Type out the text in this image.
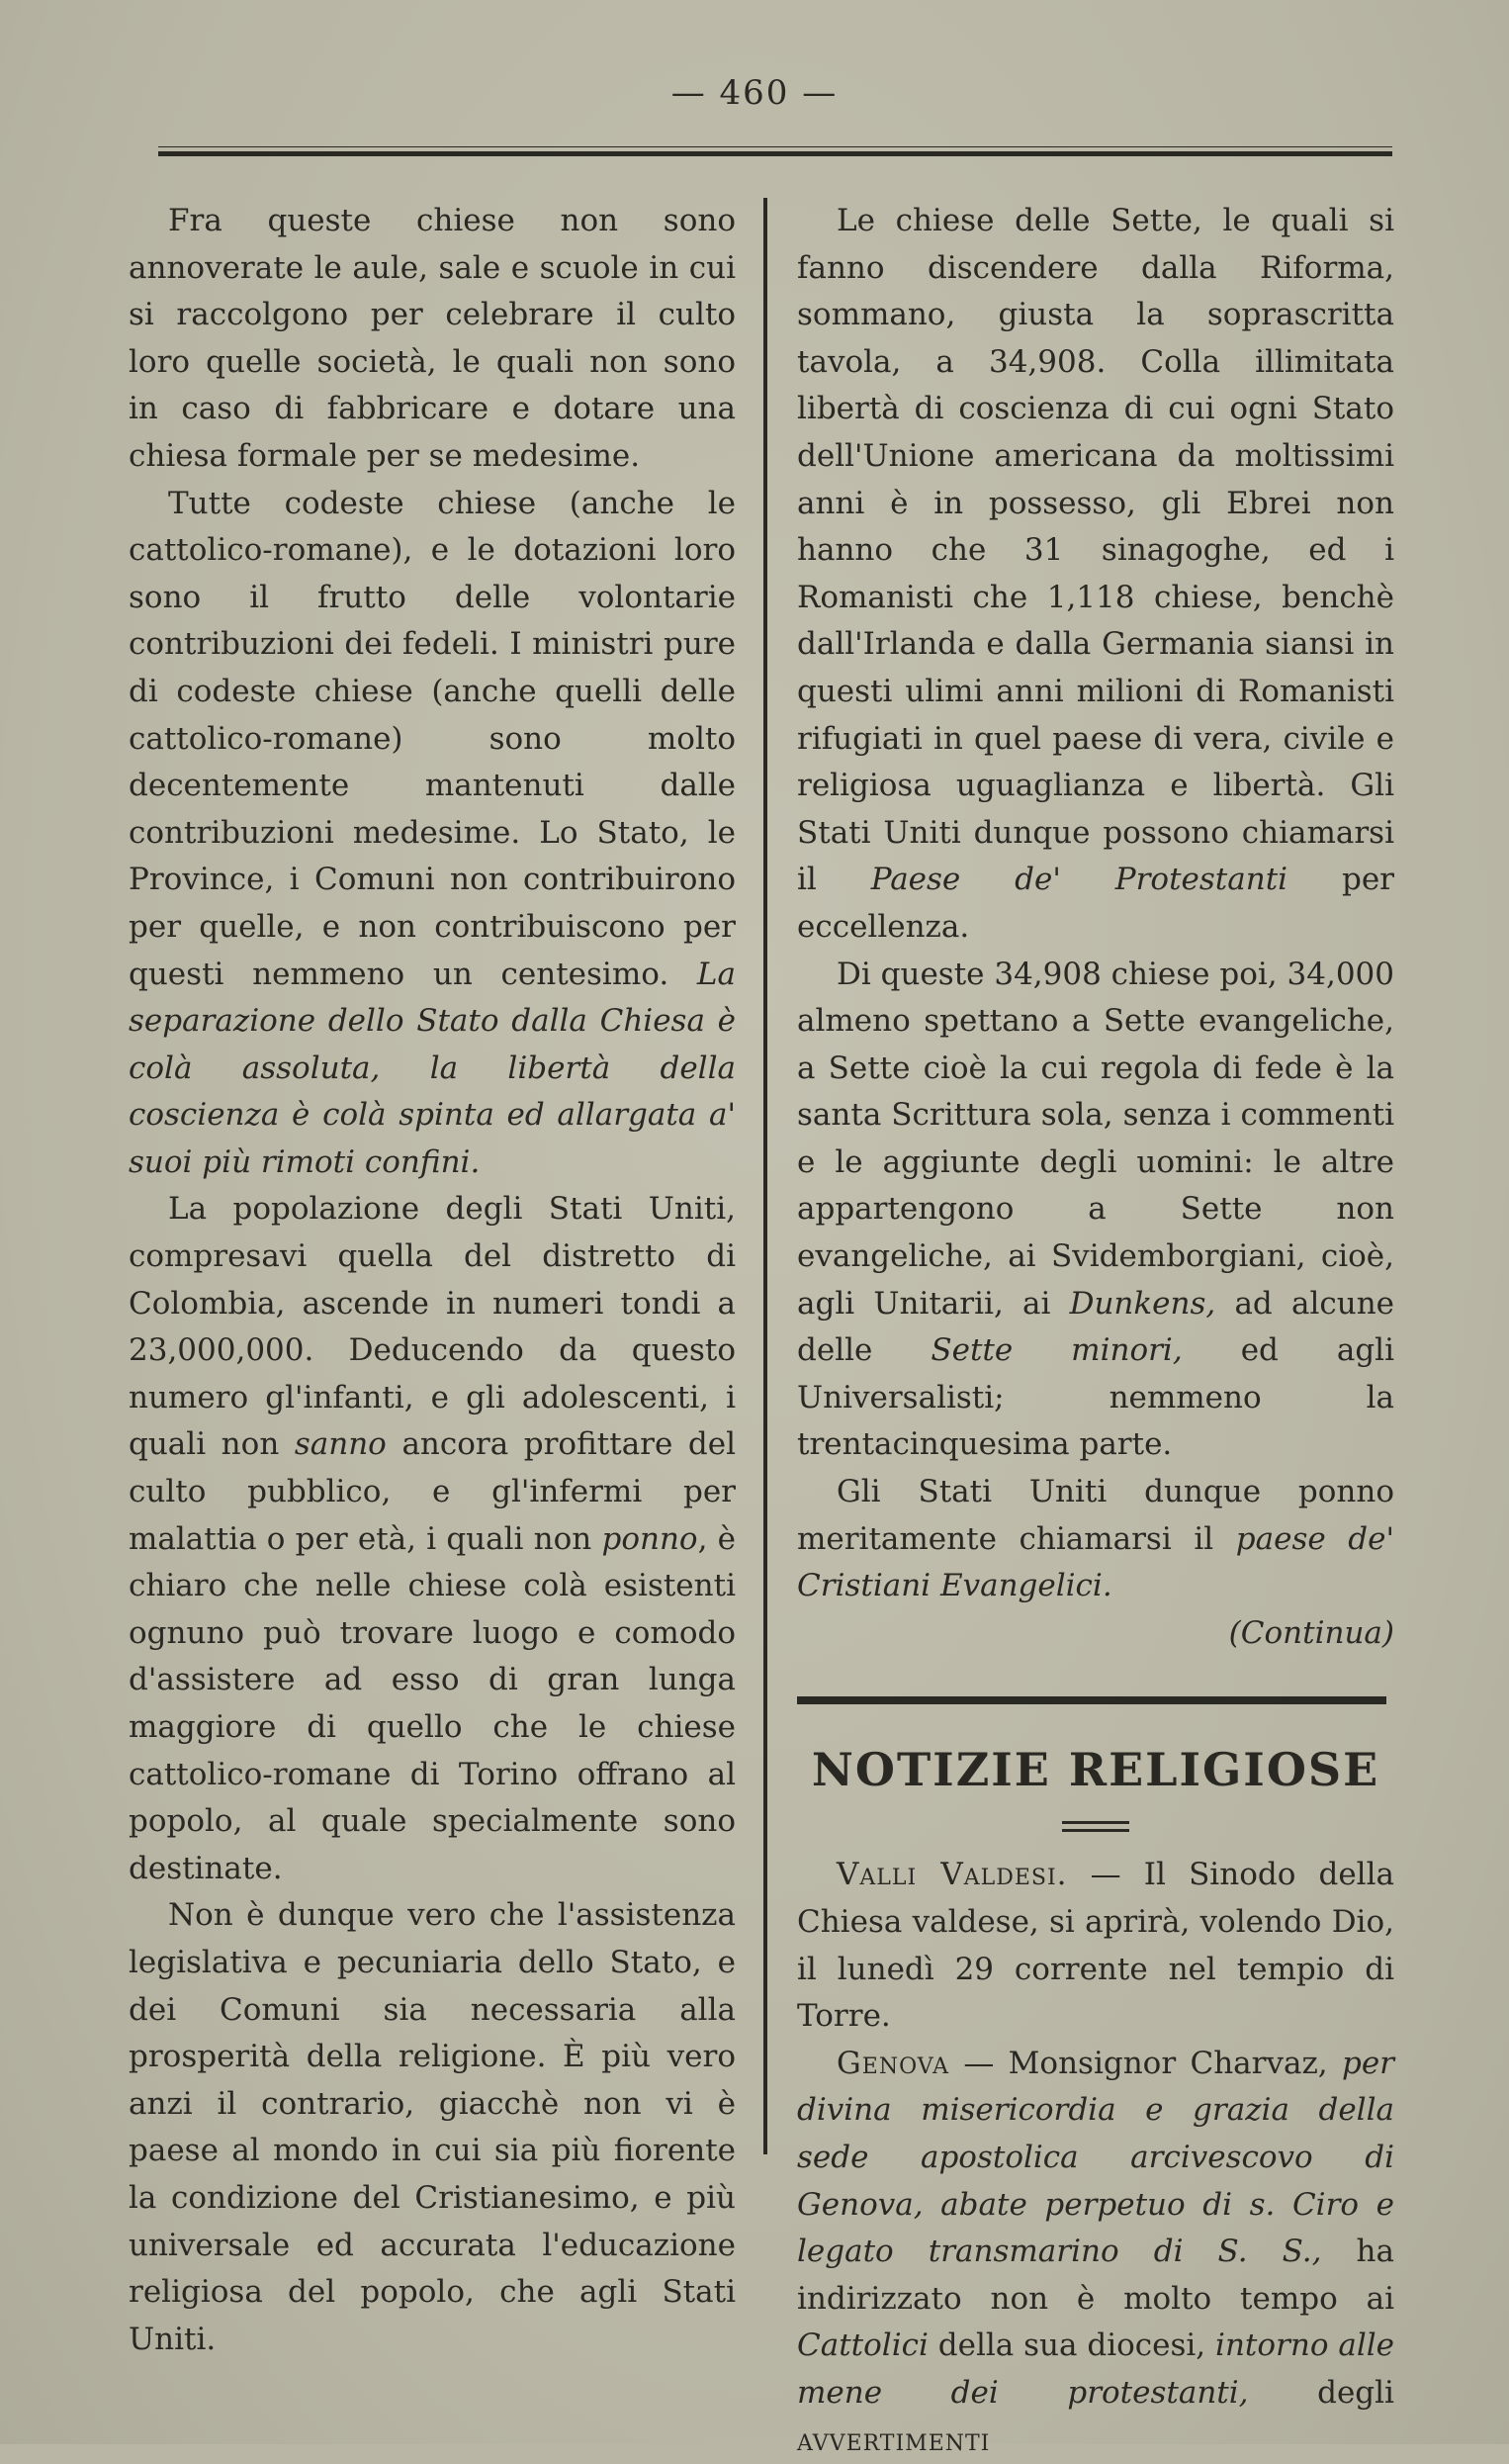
— 460 —

Fra queste chiese non sono annoverate le aule, sale e scuole in cui si raccolgono per celebrare il culto loro quelle società, le quali non sono in caso di fabbricare e dotare una chiesa formale per se medesime.

Tutte codeste chiese (anche le cattolico-romane), e le dotazioni loro sono il frutto delle volontarie contribuzioni dei fedeli. I ministri pure di codeste chiese (anche quelli delle cattolico-romane) sono molto decentemente mantenuti dalle contribuzioni medesime. Lo Stato, le Province, i Comuni non contribuirono per quelle, e non contribuiscono per questi nemmeno un centesimo. La separazione dello Stato dalla Chiesa è colà assoluta, la libertà della coscienza è colà spinta ed allargata a' suoi più rimoti confini.

La popolazione degli Stati Uniti, compresavi quella del distretto di Colombia, ascende in numeri tondi a 23,000,000. Deducendo da questo numero gl'infanti, e gli adolescenti, i quali non sanno ancora profittare del culto pubblico, e gl'infermi per malattia o per età, i quali non ponno, è chiaro che nelle chiese colà esistenti ognuno può trovare luogo e comodo d'assistere ad esso di gran lunga maggiore di quello che le chiese cattolico-romane di Torino offrano al popolo, al quale specialmente sono destinate.

Non è dunque vero che l'assistenza legislativa e pecuniaria dello Stato, e dei Comuni sia necessaria alla prosperità della religione. È più vero anzi il contrario, giacchè non vi è paese al mondo in cui sia più fiorente la condizione del Cristianesimo, e più universale ed accurata l'educazione religiosa del popolo, che agli Stati Uniti.

Le chiese delle Sette, le quali si fanno discendere dalla Riforma, sommano, giusta la soprascritta tavola, a 34,908. Colla illimitata libertà di coscienza di cui ogni Stato dell'Unione americana da moltissimi anni è in possesso, gli Ebrei non hanno che 31 sinagoghe, ed i Romanisti che 1,118 chiese, benchè dall'Irlanda e dalla Germania siansi in questi ulimi anni milioni di Romanisti rifugiati in quel paese di vera, civile e religiosa uguaglianza e libertà. Gli Stati Uniti dunque possono chiamarsi il Paese de' Protestanti per eccellenza.

Di queste 34,908 chiese poi, 34,000 almeno spettano a Sette evangeliche, a Sette cioè la cui regola di fede è la santa Scrittura sola, senza i commenti e le aggiunte degli uomini: le altre appartengono a Sette non evangeliche, ai Svidemborgiani, cioè, agli Unitarii, ai Dunkens, ad alcune delle Sette minori, ed agli Universalisti; nemmeno la trentacinquesima parte.

Gli Stati Uniti dunque ponno meritamente chiamarsi il paese de' Cristiani Evangelici.

(Continua)
NOTIZIE RELIGIOSE

Valli Valdesi. — Il Sinodo della Chiesa valdese, si aprirà, volendo Dio, il lunedì 29 corrente nel tempio di Torre.

Genova — Monsignor Charvaz, per divina misericordia e grazia della sede apostolica arcivescovo di Genova, abate perpetuo di s. Ciro e legato transmarino di S. S., ha indirizzato non è molto tempo ai Cattolici della sua diocesi, intorno alle mene dei protestanti, degli avvertimenti
